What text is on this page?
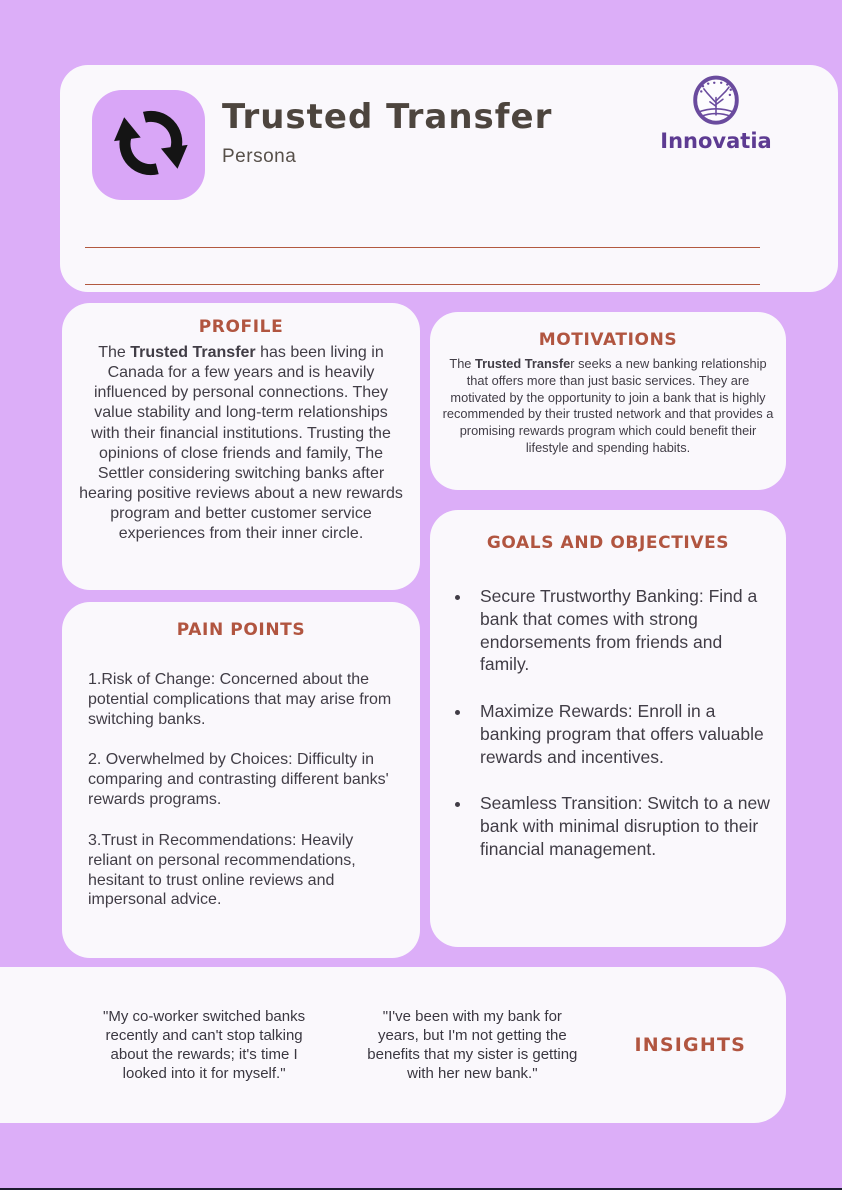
Trusted Transfer
Persona
Innovatia
PROFILE
The Trusted Transfer has been living in Canada for a few years and is heavily influenced by personal connections. They value stability and long-term relationships with their financial institutions. Trusting the opinions of close friends and family, The Settler considering switching banks after hearing positive reviews about a new rewards program and better customer service experiences from their inner circle.
MOTIVATIONS
The Trusted Transfer seeks a new banking relationship that offers more than just basic services. They are motivated by the opportunity to join a bank that is highly recommended by their trusted network and that provides a promising rewards program which could benefit their lifestyle and spending habits.
PAIN POINTS

1.Risk of Change: Concerned about the potential complications that may arise from switching banks.

2. Overwhelmed by Choices: Difficulty in comparing and contrasting different banks' rewards programs.

3.Trust in Recommendations: Heavily reliant on personal recommendations, hesitant to trust online reviews and impersonal advice.

GOALS AND OBJECTIVES
• Secure Trustworthy Banking: Find a bank that comes with strong endorsements from friends and family.
• Maximize Rewards: Enroll in a banking program that offers valuable rewards and incentives.
• Seamless Transition: Switch to a new bank with minimal disruption to their financial management.
"My co-worker switched banks recently and can't stop talking about the rewards; it's time I looked into it for myself."
"I've been with my bank for years, but I'm not getting the benefits that my sister is getting with her new bank."
INSIGHTS
